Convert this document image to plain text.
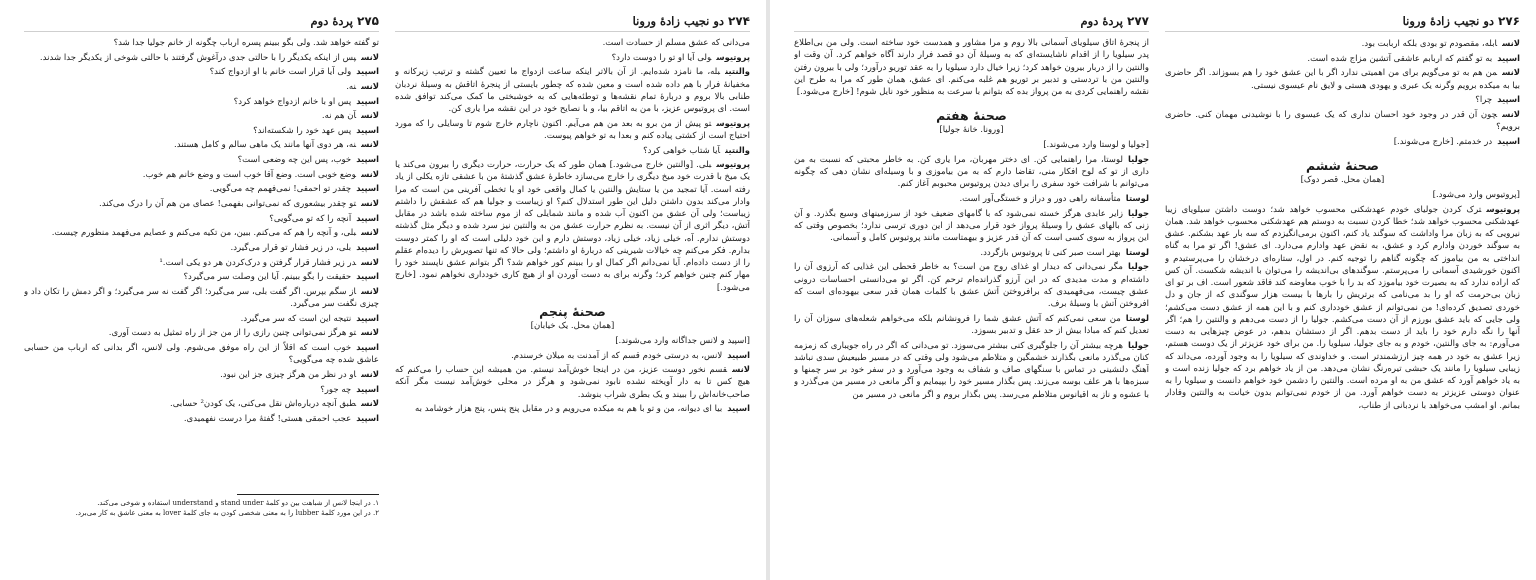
۲۷۵پردۀ دوم

تو گفته خواهد شد. ولی بگو ببینم پسره ارباب چگونه از خانم جولیا جدا شد؟

لانسپس از اینکه یکدیگر را با حالتی جدی درآغوش گرفتند با حالتی شوخی از یکدیگر جدا شدند.

اسپیدولی آیا قرار است خانم با او ازدواج کند؟

لانسنه.

اسپیدپس او با خانم ازدواج خواهد کرد؟

لانسآن هم نه.

اسپیدپس عهد خود را شکسته‌اند؟

لانسنه، هر دوی آنها مانند یک ماهی سالم و کامل هستند.

اسپیدخوب، پس این چه وضعی است؟

لانسوضع خوبی است. وضع آقا خوب است و وضع خانم هم خوب.

اسپیدچقدر تو احمقی! نمی‌فهمم چه می‌گویی.

لانستو چقدر بیشعوری که نمی‌توانی بفهمی! عصای من هم آن را درک می‌کند.

اسپیدآنچه را که تو می‌گویی؟

لانسبلی، و آنچه را هم که می‌کنم. ببین، من تکیه می‌کنم و عصایم می‌فهمد منظورم چیست.

اسپیدبلی، در زیر فشار تو قرار می‌گیرد.

لانسدر زیر فشار قرار گرفتن و درک‌کردن هر دو یکی است.¹

اسپیدحقیقت را بگو ببینم. آیا این وصلت سر می‌گیرد؟

لانساز سگم بپرس. اگر گفت بلی، سر می‌گیرد؛ اگر گفت نه سر می‌گیرد؛ و اگر دمش را تکان داد و چیزی نگفت سر می‌گیرد.

اسپیدنتیجه این است که سر می‌گیرد.

لانستو هرگز نمی‌توانی چنین رازی را از من جز از راه تمثیل به دست آوری.

اسپیدخوب است که اقلاً از این راه موفق می‌شوم. ولی لانس، اگر بدانی که ارباب من حسابی عاشق شده چه می‌گویی؟

لانساو در نظر من هرگز چیزی جز این نبود.

اسپیدچه جور؟

لانسطبق آنچه درباره‌اش نقل می‌کنی، یک کودن² حسابی.

اسپیدعجب احمقی هستی! گفتهٔ مرا درست نفهمیدی.

۱. در اینجا لانس از شباهت بین دو کلمهٔ stand under و understand استفاده و شوخی می‌کند.

۲. در این مورد کلمهٔ lubber را به معنی شخصی کودن به جای کلمهٔ lover به معنی عاشق به کار می‌برد.

۲۷۴دو نجیب زادۀ ورونا

می‌دانی که عشق مسلم از حسادت است.

پروتیوسولی آیا او تو را دوست دارد؟

والنتینبله، ما نامزد شده‌ایم. از آن بالاتر اینکه ساعت ازدواج ما تعیین گشته و ترتیب زیرکانه و مخفیانهٔ فرار با هم داده شده است و معین شده که چطور بایستی از پنجرهٔ اتاقش به وسیلهٔ نردبان طنابی بالا بروم و دربارهٔ تمام نقشه‌ها و توطئه‌هایی که به خوشبختی ما کمک می‌کند توافق شده است. ای پروتیوس عزیز، با من به اتاقم بیا، و با نصایح خود در این نقشه مرا یاری کن.

پروتیوستو پیش از من برو به بعد من هم می‌آیم. اکنون ناچارم خارج شوم تا وسایلی را که مورد احتیاج است از کشتی پیاده کنم و بعدا به تو خواهم پیوست.

والنتینآیا شتاب خواهی کرد؟

پروتیوسبلی. [والنتین خارج می‌شود.] همان طور که یک حرارت، حرارت دیگری را بیرون می‌کند یا یک میخ با قدرت خود میخ دیگری را خارج می‌سازد خاطرهٔ عشق گذشتهٔ من با عشقی تازه یکلی از یاد رفته است. آیا تمجید من یا ستایش والنتین یا کمال واقعی خود او یا تخطی آفرینی من است که مرا وادار می‌کند بدون داشتن دلیل این طور استدلال کنم؟ او زیباست و جولیا هم که عشقش را داشتم زیباست؛ ولی آن عشق من اکنون آب شده و مانند شمایلی که از موم ساخته شده باشد در مقابل آتش، دیگر اثری از آن نیست. به نظرم حرارت عشق من به والنتین نیز سرد شده و دیگر مثل گذشته دوستش ندارم. آه، خیلی زیاد، خیلی زیاد، دوستش دارم و این خود دلیلی است که او را کمتر دوست بدارم. فکر می‌کنم چه خیالات شیرینی که دربارهٔ او داشتم؛ ولی حالا که تنها تصویرش را دیده‌ام عقلم را از دست داده‌ام. آیا نمی‌دانم اگر کمال او را ببینم کور خواهم شد؟ اگر بتوانم عشق ناپسند خود را مهار کنم چنین خواهم کرد؛ وگرنه برای به دست آوردن او از هیچ کاری خودداری نخواهم نمود. [خارج می‌شود.]

صحنهٔ پنجم
[همان محل. یک خیابان]

[اسپید و لانس جداگانه وارد می‌شوند.]

اسپیدلانس، به درستی خودم قسم که از آمدنت به میلان خرسندم.

لانسقسم نخور دوست عزیز، من در اینجا خوش‌آمد نیستم. من همیشه این حساب را می‌کنم که هیچ کس تا به دار آویخته نشده نابود نمی‌شود و هرگز در محلی خوش‌آمد نیست مگر آنکه صاحب‌خانه‌اش را ببیند و یک بطری شراب بنوشد.

اسپیدبیا ای دیوانه، من و تو با هم به میکده می‌رویم و در مقابل پنج پنس، پنج هزار خوشامد به

۲۷۷پردۀ دوم

از پنجرهٔ اتاق سیلویای آسمانی بالا روم و مرا مشاور و همدست خود ساخته است. ولی من بی‌اطلاع پدر سیلویا را از اقدام ناشایسته‌ای که به وسیلهٔ آن دو قصد فرار دارند آگاه خواهم کرد. آن وقت او والنتین را از دربار بیرون خواهد کرد؛ زیرا خیال دارد سیلویا را به عقد توریو درآورد؛ ولی با بیرون رفتن والنتین من با تردستی و تدبیر بر توریو هم غلبه می‌کنم. ای عشق، همان طور که مرا به طرح این نقشه راهنمایی کردی به من پرواز بده که بتوانم با سرعت به منظور خود نایل شوم! [خارج می‌شود.]

صحنهٔ هفتم
[ورونا. خانهٔ جولیا]

[جولیا و لوستا وارد می‌شوند.]

جولیالوستا، مرا راهنمایی کن. ای دختر مهربان، مرا یاری کن. به خاطر محبتی که نسبت به من داری از تو که لوح افکار منی، تقاضا دارم که به من بیاموزی و با وسیله‌ای نشان دهی که چگونه می‌توانم با شرافت خود سفری را برای دیدن پروتیوس محبوبم آغاز کنم.

لوستامتأسفانه راهی دور و دراز و خستگی‌آور است.

جولیازایر عابدی هرگز خسته نمی‌شود که با گامهای ضعیف خود از سرزمینهای وسیع بگذرد. و آن زنی که بالهای عشق را وسیلهٔ پرواز خود قرار می‌دهد از این دوری ترسی ندارد؛ بخصوص وقتی که این پرواز به سوی کسی است که آن قدر عزیز و بیهمتاست مانند پروتیوس کامل و آسمانی.

لوستابهتر است صبر کنی تا پروتیوس بازگردد.

جولیامگر نمی‌دانی که دیدار او غذای روح من است؟ به خاطر قحطی این غذایی که آرزوی آن را داشته‌ام و مدت مدیدی که در این آرزو گذرانده‌ام ترحم کن. اگر تو می‌دانستی احساسات درونی عشق چیست، می‌فهمیدی که برافروختن آتش عشق با کلمات همان قدر سعی بیهوده‌ای است که افروختن آتش با وسیلهٔ برف.

لوستامن سعی نمی‌کنم که آتش عشق شما را فرونشانم بلکه می‌خواهم شعله‌های سوزان آن را تعدیل کنم که مبادا بیش از حد عقل و تدبیر بسوزد.

جولیاهرچه بیشتر آن را جلوگیری کنی بیشتر می‌سوزد. تو می‌دانی که اگر در راه جویباری که زمزمه کنان می‌گذرد مانعی بگذارند خشمگین و متلاطم می‌شود ولی وقتی که در مسیر طبیعیش سدی نباشد آهنگ دلنشینی در تماس با سنگهای صاف و شفاف به وجود می‌آورد و در سفر خود بر سر چمنها و سبزه‌ها با هر علف بوسه می‌زند. پس بگذار مسیر خود را بپیمایم و آگر مانعی در مسیر من می‌گذرد و با عشوه و ناز به اقیانوس متلاطم می‌رسد. پس بگذار بروم و اگر مانعی در مسیر من

۲۷۶دو نجیب زادۀ ورونا

لانسابله، مقصودم تو بودی بلکه اربابت بود.

اسپیدبه تو گفتم که اربابم عاشقی آتشین مزاج شده است.

لانسمن هم به تو می‌گویم برای من اهمیتی ندارد اگر با این عشق خود را هم بسوزاند. اگر حاضری بیا به میکده برویم وگرنه یک عبری و یهودی هستی و لایق نام عیسوی نیستی.

اسپیدچرا؟

لانسچون آن قدر در وجود خود احسان نداری که یک عیسوی را با نوشیدنی مهمان کنی. حاضری برویم؟

اسپیددر خدمتم. [خارج می‌شوند.]

صحنهٔ ششم
[همان محل. قصر دوک]

[پروتیوس وارد می‌شود.]

پروتیوسترک کردن جولیای خودم عهدشکنی محسوب خواهد شد؛ دوست داشتن سیلویای زیبا عهدشکنی محسوب خواهد شد؛ خطا کردن نسبت به دوستم هم عهدشکنی محسوب خواهد شد. همان نیرویی که به زبان مرا واداشت که سوگند یاد کنم، اکنون برمی‌انگیزدم که سه بار عهد بشکنم. عشق به سوگند خوردن وادارم کرد و عشق، به نقض عهد وادارم می‌دارد. ای عشق! اگر تو مرا به گناه انداختی به من بیاموز که چگونه گناهم را توجیه کنم. در اول، ستاره‌ای درخشان را می‌پرستیدم و اکنون خورشیدی آسمانی را می‌پرستم. سوگندهای بی‌اندیشه را می‌توان با اندیشه شکست. آن کس که اراده ندارد که به بصیرت خود بیاموزد که بد را با خوب معاوضه کند فاقد شعور است. اف بر تو ای زبان بی‌حرمت که او را بد می‌نامی که برتریش را بارها با بیست هزار سوگندی که از جان و دل خوردی تصدیق کرده‌ای! من نمی‌توانم از عشق خودداری کنم و با این همه از عشق دست می‌کشم؛ ولی جایی که باید عشق بورزم از آن دست می‌کشم. جولیا را از دست می‌دهم و والنتین را هم؛ اگر آنها را نگه دارم خود را باید از دست بدهم. اگر از دستشان بدهم، در عوض چیزهایی به دست می‌آورم: به جای والنتین، خودم و به جای جولیا، سیلویا را. من برای خود عزیزتر از یک دوست هستم، زیرا عشق به خود در همه چیز ارزشمندتر است. و خداوندی که سیلویا را به وجود آورده، می‌داند که زیبایی سیلویا را مانند یک حبشی تیره‌رنگ نشان می‌دهد. من از یاد خواهم برد که جولیا زنده است و به یاد خواهم آورد که عشق من به او مرده است. والنتین را دشمن خود خواهم دانست و سیلویا را به عنوان دوستی عزیزتر به دست خواهم آورد. من از خودم نمی‌توانم بدون خیانت به والنتین وفادار بمانم. او امشب می‌خواهد با نردبانی از طناب،
